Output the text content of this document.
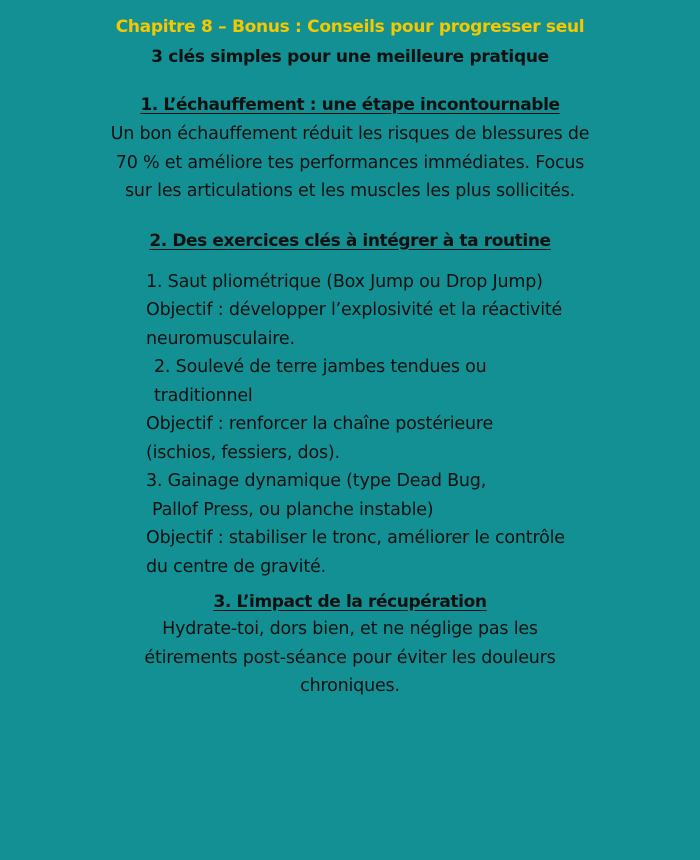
Chapitre 8 – Bonus : Conseils pour progresser seul
3 clés simples pour une meilleure pratique
1. L’échauffement : une étape incontournable
Un bon échauffement réduit les risques de blessures de 70 % et améliore tes performances immédiates. Focus sur les articulations et les muscles les plus sollicités.
2. Des exercices clés à intégrer à ta routine

1. Saut pliométrique (Box Jump ou Drop Jump)

Objectif : développer l’explosivité et la réactivité neuromusculaire.

2. Soulevé de terre jambes tendues ou traditionnel

Objectif : renforcer la chaîne postérieure (ischios, fessiers, dos).

3. Gainage dynamique (type Dead Bug,

Pallof Press, ou planche instable)

Objectif : stabiliser le tronc, améliorer le contrôle du centre de gravité.

3. L’impact de la récupération
Hydrate-toi, dors bien, et ne néglige pas les étirements post-séance pour éviter les douleurs chroniques.
